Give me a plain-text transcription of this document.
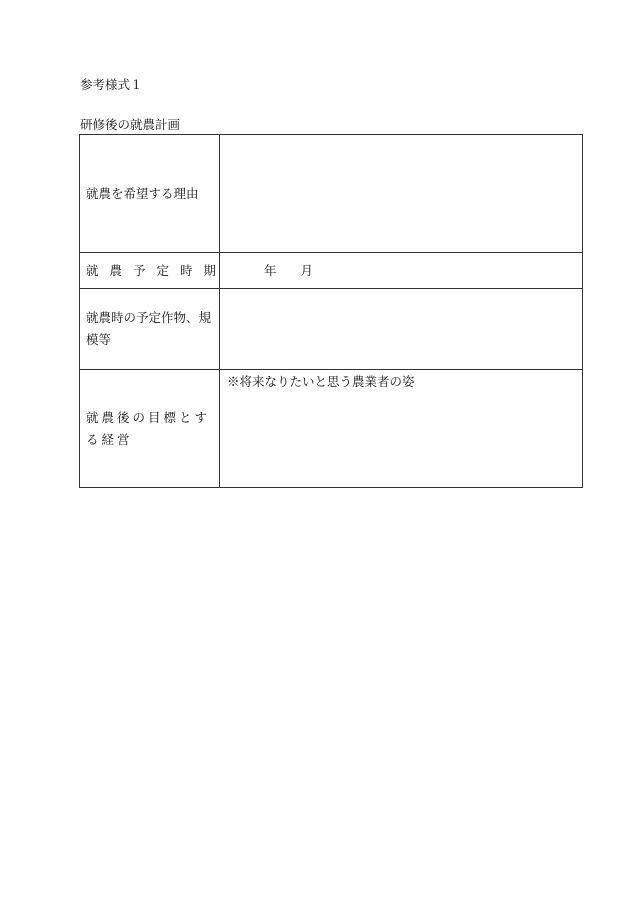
参考様式１
研修後の就農計画
就農を希望する理由	
就農予定時期	年 月

就農時の予定作物、規模等	
就農後の目標とする経営	※将来なりたいと思う農業者の姿
